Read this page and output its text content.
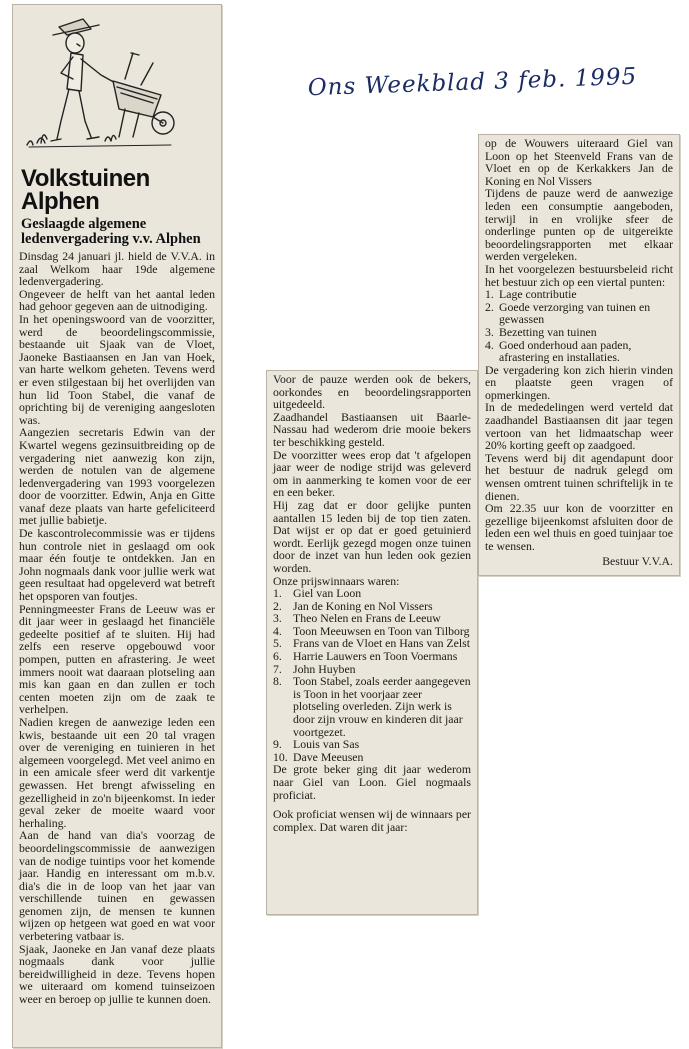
Ons Weekblad 3 feb. 1995
Volkstuinen Alphen
Geslaagde algemene ledenvergadering v.v. Alphen

Dinsdag 24 januari jl. hield de V.V.A. in zaal Welkom haar 19de algemene ledenvergadering.

Ongeveer de helft van het aantal leden had gehoor gegeven aan de uitnodiging.

In het openingswoord van de voorzitter, werd de beoordelingscommissie, bestaande uit Sjaak van de Vloet, Jaoneke Bastiaansen en Jan van Hoek, van harte welkom geheten. Tevens werd er even stilgestaan bij het overlijden van hun lid Toon Stabel, die vanaf de oprichting bij de vereniging aangesloten was.

Aangezien secretaris Edwin van der Kwartel wegens gezinsuitbreiding op de vergadering niet aanwezig kon zijn, werden de notulen van de algemene ledenvergadering van 1993 voorgelezen door de voorzitter. Edwin, Anja en Gitte vanaf deze plaats van harte gefeliciteerd met jullie babietje.

De kascontrolecommissie was er tijdens hun controle niet in geslaagd om ook maar één foutje te ontdekken. Jan en John nogmaals dank voor jullie werk wat geen resultaat had opgeleverd wat betreft het opsporen van foutjes.

Penningmeester Frans de Leeuw was er dit jaar weer in geslaagd het financiële gedeelte positief af te sluiten. Hij had zelfs een reserve opgebouwd voor pompen, putten en afrastering. Je weet immers nooit wat daaraan plotseling aan mis kan gaan en dan zullen er toch centen moeten zijn om de zaak te verhelpen.

Nadien kregen de aanwezige leden een kwis, bestaande uit een 20 tal vragen over de vereniging en tuinieren in het algemeen voorgelegd. Met veel animo en in een amicale sfeer werd dit varkentje gewassen. Het brengt afwisseling en gezelligheid in zo'n bijeenkomst. In ieder geval zeker de moeite waard voor herhaling.

Aan de hand van dia's voorzag de beoordelingscommissie de aanwezigen van de nodige tuintips voor het komende jaar. Handig en interessant om m.b.v. dia's die in de loop van het jaar van verschillende tuinen en gewassen genomen zijn, de mensen te kunnen wijzen op hetgeen wat goed en wat voor verbetering vatbaar is.

Sjaak, Jaoneke en Jan vanaf deze plaats nogmaals dank voor jullie bereidwilligheid in deze. Tevens hopen we uiteraard om komend tuinseizoen weer en beroep op jullie te kunnen doen.

Voor de pauze werden ook de bekers, oorkondes en beoordelingsrapporten uitgedeeld.

Zaadhandel Bastiaansen uit Baarle-Nassau had wederom drie mooie bekers ter beschikking gesteld.

De voorzitter wees erop dat 't afgelopen jaar weer de nodige strijd was geleverd om in aanmerking te komen voor de eer en een beker.

Hij zag dat er door gelijke punten aantallen 15 leden bij de top tien zaten. Dat wijst er op dat er goed getuinierd wordt. Eerlijk gezegd mogen onze tuinen door de inzet van hun leden ook gezien worden.

Onze prijswinnaars waren:

1. Giel van Loon
2. Jan de Koning en Nol Vissers
3. Theo Nelen en Frans de Leeuw
4. Toon Meeuwsen en Toon van Tilborg
5. Frans van de Vloet en Hans van Zelst
6. Harrie Lauwers en Toon Voermans
7. John Huyben
8. Toon Stabel, zoals eerder aangegeven is Toon in het voorjaar zeer plotseling overleden. Zijn werk is door zijn vrouw en kinderen dit jaar voortgezet.
9. Louis van Sas
10. Dave Meeusen

De grote beker ging dit jaar wederom naar Giel van Loon. Giel nogmaals proficiat.

Ook proficiat wensen wij de winnaars per complex. Dat waren dit jaar:

op de Wouwers uiteraard Giel van Loon op het Steenveld Frans van de Vloet en op de Kerkakkers Jan de Koning en Nol Vissers

Tijdens de pauze werd de aanwezige leden een consumptie aangeboden, terwijl in en vrolijke sfeer de onderlinge punten op de uitgereikte beoordelingsrapporten met elkaar werden vergeleken.

In het voorgelezen bestuursbeleid richt het bestuur zich op een viertal punten:

1. Lage contributie
2. Goede verzorging van tuinen en gewassen
3. Bezetting van tuinen
4. Goed onderhoud aan paden, afrastering en installaties.

De vergadering kon zich hierin vinden en plaatste geen vragen of opmerkingen.

In de mededelingen werd verteld dat zaadhandel Bastiaansen dit jaar tegen vertoon van het lidmaatschap weer 20% korting geeft op zaadgoed.

Tevens werd bij dit agendapunt door het bestuur de nadruk gelegd om wensen omtrent tuinen schriftelijk in te dienen.

Om 22.35 uur kon de voorzitter en gezellige bijeenkomst afsluiten door de leden een wel thuis en goed tuinjaar toe te wensen.

Bestuur V.V.A.
